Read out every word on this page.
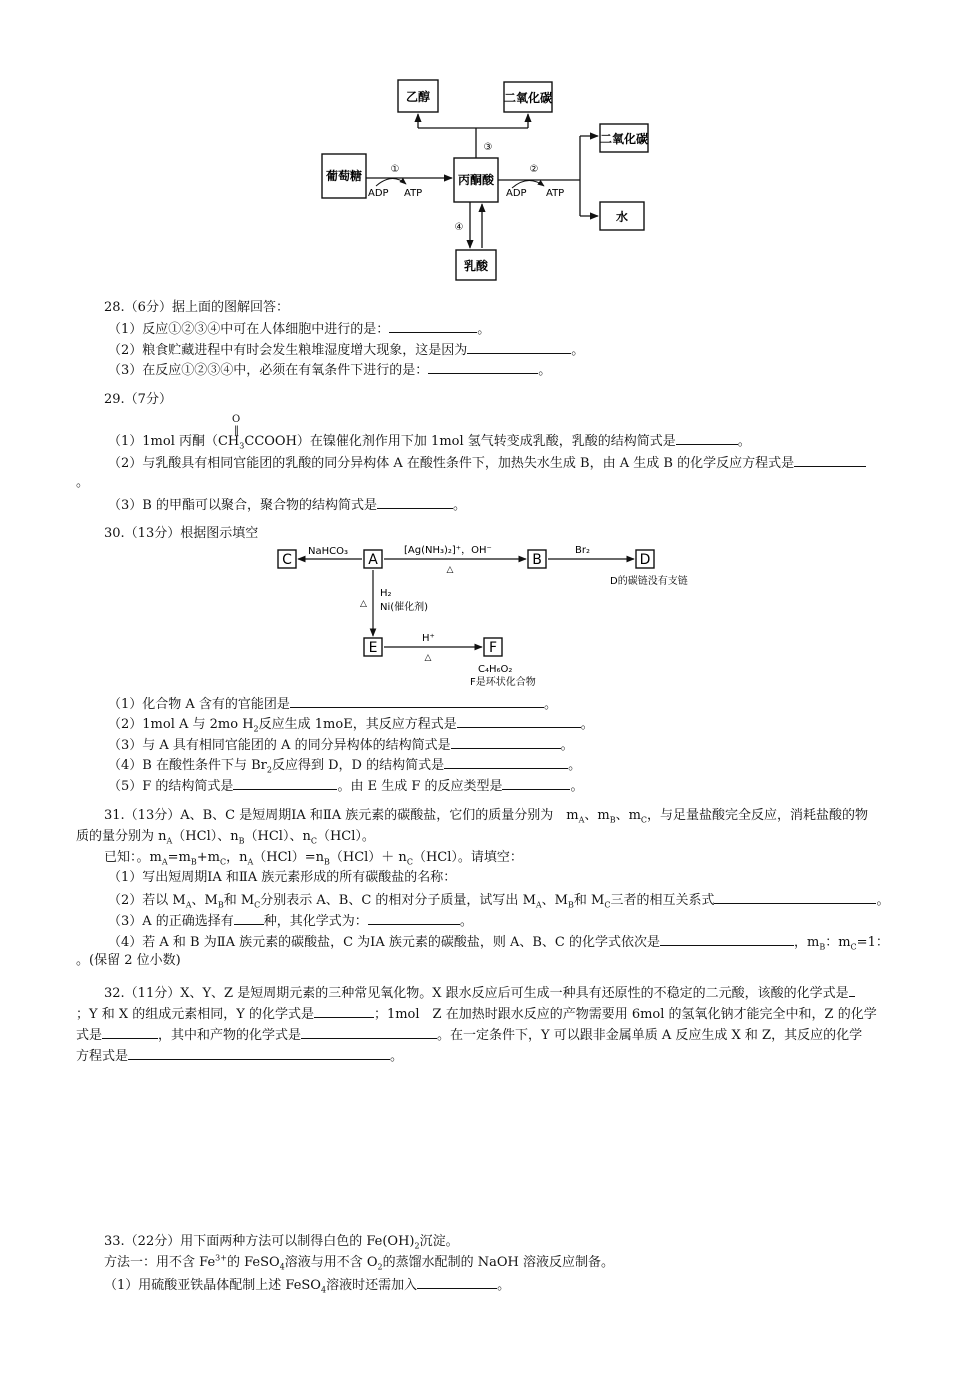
葡萄糖	丙酮酸
乙醇	二氧化碳
二氧化碳
水
乳酸
①
ADP ATP
③
②
ADP ATP
④
28.（6分）据上面的图解回答：
（1）反应①②③④中可在人体细胞中进行的是：	。
（2）粮食贮藏进程中有时会发生粮堆湿度增大现象，这是因为	。
（3）在反应①②③④中，必须在有氧条件下进行的是：	。
29.（7分）
O
‖
（1）1mol 丙酮$(CH_3CCOOH)$在镍催化剂作用下加 1mol 氢气转变成乳酸，乳酸的结构简式是	。
（2）与乳酸具有相同官能团的乳酸的同分异构体 A 在酸性条件下，加热失水生成 B，由 A 生成 B 的化学反应方程式是
。
（3）B 的甲酯可以聚合，聚合物的结构简式是	。
30.（13分）根据图示填空
C	A	B	D
D的碳链没有支链
E	F
C₄H₆O₂
F是环状化合物
NaHCO₃	[Ag(NH₃)₂]⁺，OH⁻
△
Br₂
△
H₂
Ni(催化剂)
H⁺
△
（1）化合物 A 含有的官能团是	。
（2）1mol A 与 2mo $H_2$反应生成 1moE，其反应方程式是	。
（3）与 A 具有相同官能团的 A 的同分异构体的结构简式是	。
（4）B 在酸性条件下与 $Br_2$反应得到 D，D 的结构简式是	。
（5）F 的结构简式是	。由 E 生成 F 的反应类型是	。
31.（13分）A、B、C 是短周期ⅠA 和ⅡA 族元素的碳酸盐，它们的质量分别为　$m_A$、$m_B$、$m_C$，与足量盐酸完全反应，消耗盐酸的物
质的量分别为 $n_A(HCl)$、$n_B(HCl)$、$n_C(HCl)$。
已知：。$m_A=m_B+m_C$，$n_A(HCl)=n_B(HCl)+ n_C(HCl)$。请填空：
（1）写出短周期ⅠA 和ⅡA 族元素形成的所有碳酸盐的名称：
（2）若以 $M_A$、$M_B$和 $M_C$分别表示 A、B、C 的相对分子质量，试写出 $M_A$、$M_B$和 $M_C$三者的相互关系式	。
（3）A 的正确选择有 种，其化学式为：	。
（4）若 A 和 B 为ⅡA 族元素的碳酸盐，C 为ⅠA 族元素的碳酸盐，则 A、B、C 的化学式依次是	，$m_B$：$m_C=1$：
。(保留 2 位小数)
32.（11分）X、Y、Z 是短周期元素的三种常见氧化物。X 跟水反应后可生成一种具有还原性的不稳定的二元酸，该酸的化学式是
；Y 和 X 的组成元素相同，Y 的化学式是	；1mol　Z 在加热时跟水反应的产物需要用 6mol 的氢氧化钠才能完全中和，Z 的化学
式是	，其中和产物的化学式是	。在一定条件下，Y 可以跟非金属单质 A 反应生成 X 和 Z，其反应的化学
方程式是	。
33.（22分）用下面两种方法可以制得白色的 $Fe(OH)_2$沉淀。
方法一：用不含 $Fe^{3+}$的 FeSO$_4$溶液与用不含 $O_2$的蒸馏水配制的 NaOH 溶液反应制备。
（1）用硫酸亚铁晶体配制上述 FeSO$_4$溶液时还需加入	。
